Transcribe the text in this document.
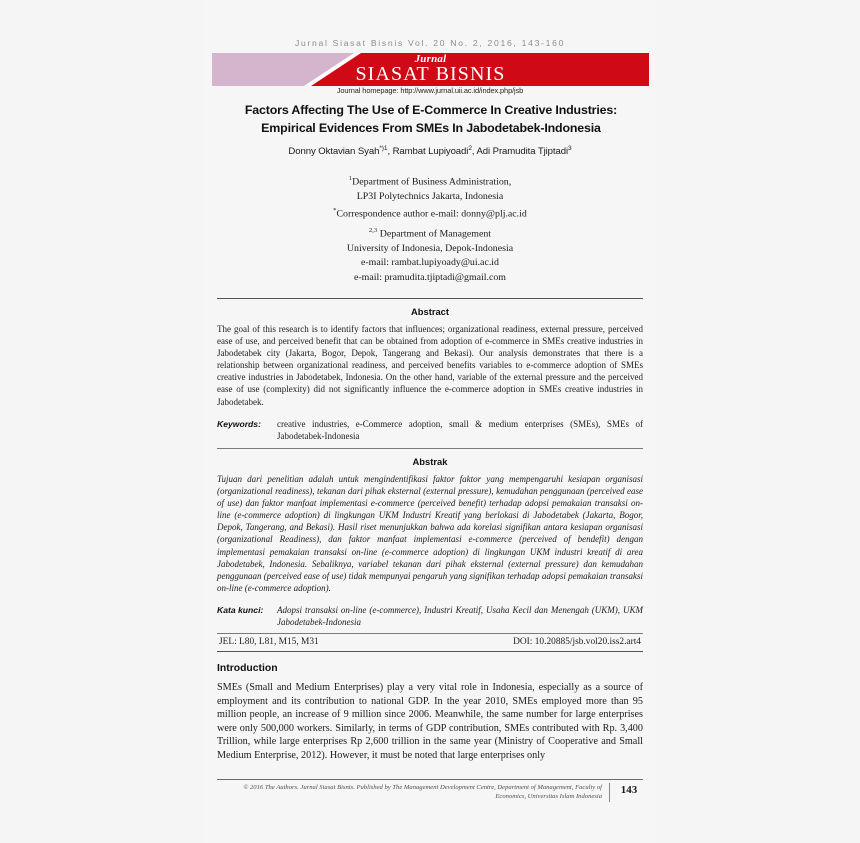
Jurnal Siasat Bisnis Vol. 20 No. 2, 2016, 143-160
Jurnal
SIASAT BISNIS
Journal homepage: http://www.jurnal.uii.ac.id/index.php/jsb
Factors Affecting The Use of E-Commerce In Creative Industries: Empirical Evidences From SMEs In Jabodetabek-Indonesia
Donny Oktavian Syah$^{*)1}$, Rambat Lupiyoadi$^2$, Adi Pramudita Tjiptadi$^3$
$^1$Department of Business Administration,
LP3I Polytechnics Jakarta, Indonesia
*Correspondence author e-mail: donny@plj.ac.id
$^{2,3}$ Department of Management
University of Indonesia, Depok-Indonesia
e-mail: rambat.lupiyoady@ui.ac.id
e-mail: pramudita.tjiptadi@gmail.com
Abstract
The goal of this research is to identify factors that influences; organizational readiness, external pressure, perceived ease of use, and perceived benefit that can be obtained from adoption of e-commerce in SMEs creative industries in Jabodetabek city (Jakarta, Bogor, Depok, Tangerang and Bekasi). Our analysis demonstrates that there is a relationship between organizational readiness, and perceived benefits variables to e-commerce adoption of SMEs creative industries in Jabodetabek, Indonesia. On the other hand, variable of the external pressure and the perceived ease of use (complexity) did not significantly influence the e-commerce adoption in SMEs creative industries in Jabodetabek.
Keywords:	creative industries, e-Commerce adoption, small & medium enterprises (SMEs), SMEs of Jabodetabek-Indonesia
Abstrak
Tujuan dari penelitian adalah untuk mengindentifikasi faktor faktor yang mempengaruhi kesiapan organisasi (organizational readiness), tekanan dari pihak eksternal (external pressure), kemudahan penggunaan (perceived ease of use) dan faktor manfaat implementasi e-commerce (perceived benefit) terhadap adopsi pemakaian transaksi on-line (e-commerce adoption) di lingkungan UKM Industri Kreatif yang berlokasi di Jabodetabek (Jakarta, Bogor, Depok, Tangerang, and Bekasi). Hasil riset menunjukkan bahwa ada korelasi signifikan antara kesiapan organisasi (organizational Readiness), dan faktor manfaat implementasi e-commerce (perceived of bendefit) dengan implementasi pemakaian transaksi on-line (e-commerce adoption) di lingkungan UKM industri kreatif di area Jabodetabek, Indonesia. Sebaliknya, variabel tekanan dari pihak eksternal (external pressure) dan kemudahan penggunaan (perceived ease of use) tidak mempunyai pengaruh yang signifikan terhadap adopsi pemakaian transaksi on-line (e-commerce adoption).
Kata kunci:	Adopsi transaksi on-line (e-commerce), Industri Kreatif, Usaha Kecil dan Menengah (UKM), UKM Jabodetabek-Indonesia
JEL: L80, L81, M15, M31	DOI: 10.20885/jsb.vol20.iss2.art4
Introduction
SMEs (Small and Medium Enterprises) play a very vital role in Indonesia, especially as a source of employment and its contribution to national GDP. In the year 2010, SMEs employed more than 95 million people, an increase of 9 million since 2006. Meanwhile, the same number for large enterprises were only 500,000 workers. Similarly, in terms of GDP contribution, SMEs contributed with Rp. 3,400 Trillion, while large enterprises Rp 2,600 trillion in the same year (Ministry of Cooperative and Small Medium Enterprise, 2012). However, it must be noted that large enterprises only
© 2016 The Authors. Jurnal Siasat Bisnis. Published by The Management Development Centre, Department of Management, Faculty of Economics, Universitas Islam Indonesia
143
